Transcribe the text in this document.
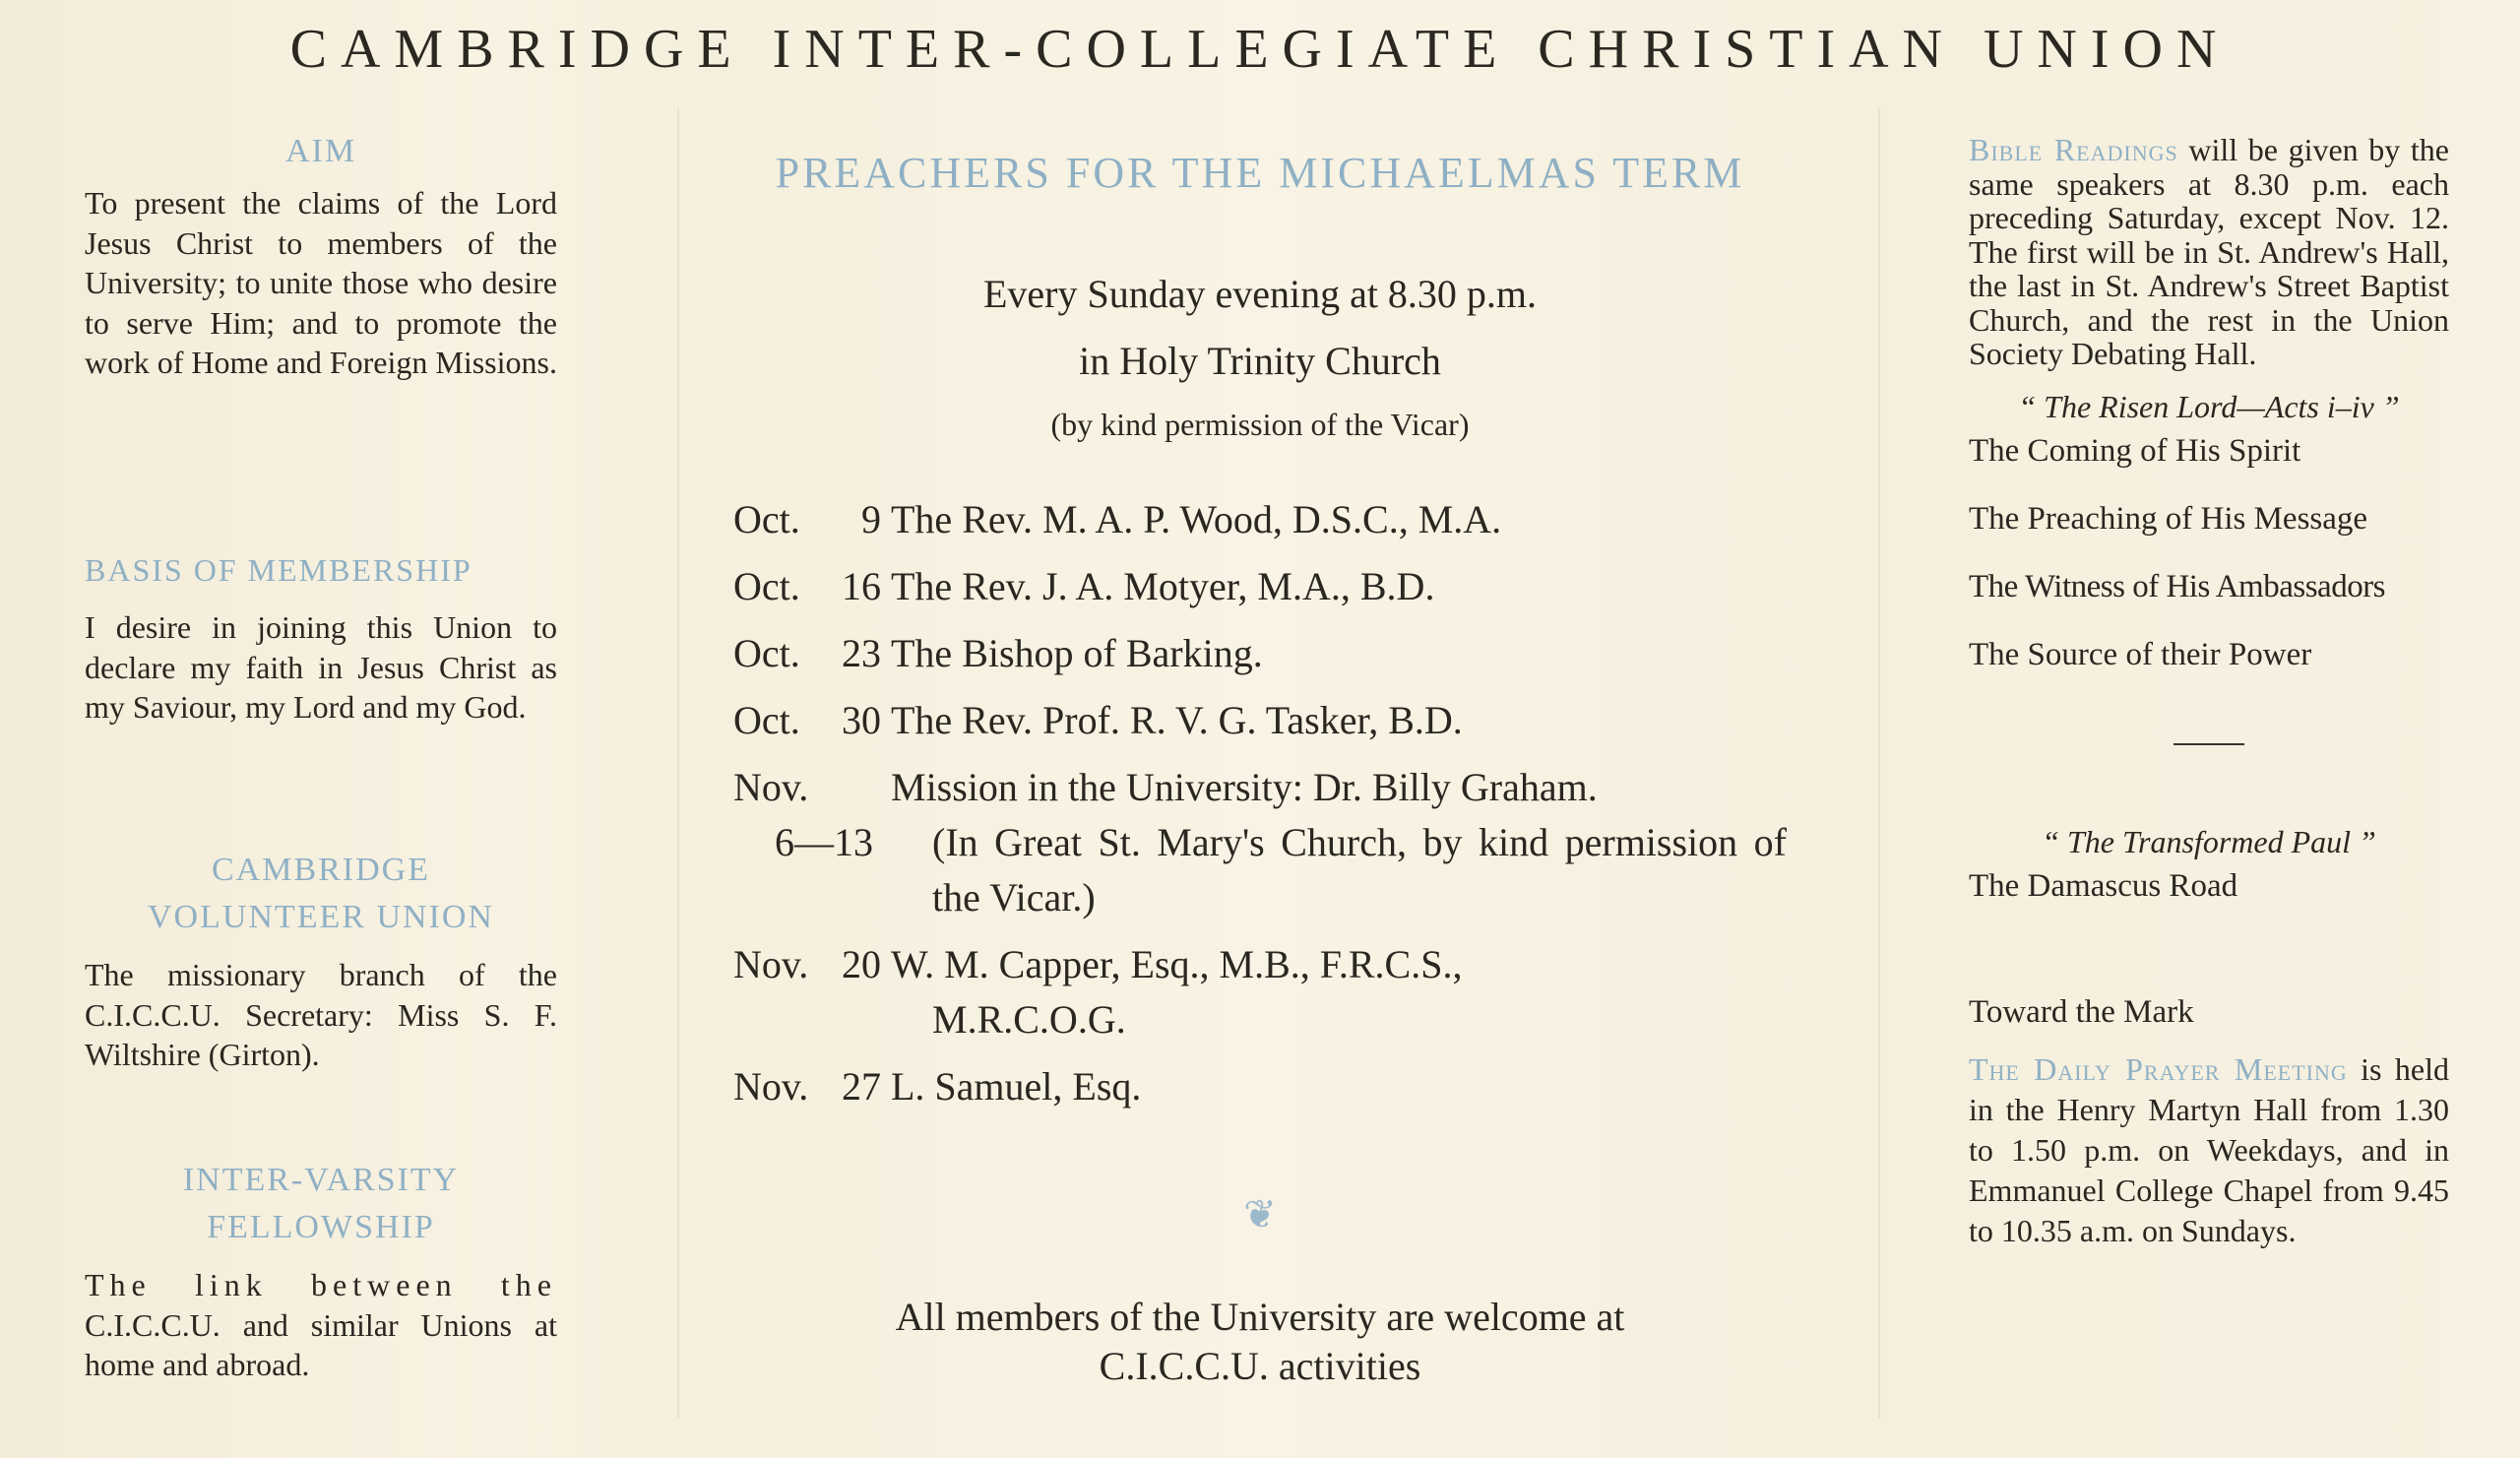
CAMBRIDGE INTER-COLLEGIATE CHRISTIAN UNION
AIM

To present the claims of the Lord Jesus Christ to members of the University; to unite those who desire to serve Him; and to promote the work of Home and Foreign Missions.

BASIS OF MEMBERSHIP

I desire in joining this Union to declare my faith in Jesus Christ as my Saviour, my Lord and my God.

CAMBRIDGE
VOLUNTEER UNION

The missionary branch of the C.I.C.C.U. Secretary: Miss S. F. Wiltshire (Girton).

INTER-VARSITY
FELLOWSHIP

The link between the C.I.C.C.U. and similar Unions at home and abroad.

PREACHERS FOR THE MICHAELMAS TERM
Every Sunday evening at 8.30 p.m.
in Holy Trinity Church
(by kind permission of the Vicar)
Oct. 9 The Rev. M. A. P. Wood, D.S.C., M.A.
Oct. 16 The Rev. J. A. Motyer, M.A., B.D.
Oct. 23 The Bishop of Barking.
Oct. 30 The Rev. Prof. R. V. G. Tasker, B.D.
Nov.
6—13
Mission in the University: Dr. Billy Graham.
(In Great St. Mary's Church, by kind permission of the Vicar.)
Nov. 20 W. M. Capper, Esq., M.B., F.R.C.S.,
M.R.C.O.G.
Nov. 27 L. Samuel, Esq.
❦
All members of the University are welcome at
C.I.C.C.U. activities

Bible Readings will be given by the same speakers at 8.30 p.m. each preceding Saturday, except Nov. 12. The first will be in St. Andrew's Hall, the last in St. Andrew's Street Baptist Church, and the rest in the Union Society Debating Hall.

“ The Risen Lord—Acts i–iv ”
The Coming of His Spirit
The Preaching of His Message
The Witness of His Ambassadors
The Source of their Power
“ The Transformed Paul ”
The Damascus Road
Toward the Mark

The Daily Prayer Meeting is held in the Henry Martyn Hall from 1.30 to 1.50 p.m. on Weekdays, and in Emmanuel College Chapel from 9.45 to 10.35 a.m. on Sundays.
